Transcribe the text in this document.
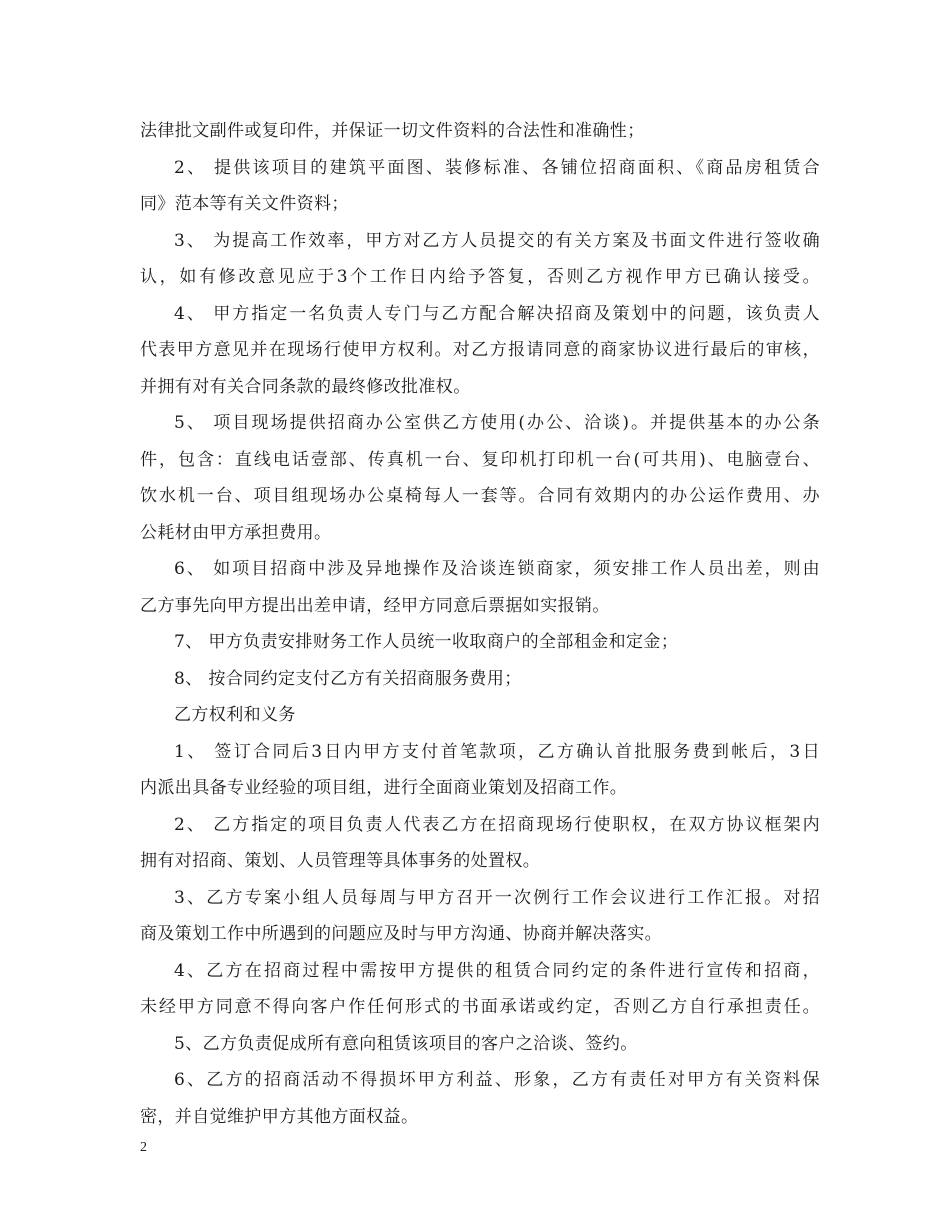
法律批文副件或复印件，并保证一切文件资料的合法性和准确性；
2、 提供该项目的建筑平面图、装修标准、各铺位招商面积、《商品房租赁合
同》范本等有关文件资料；
3、 为提高工作效率，甲方对乙方人员提交的有关方案及书面文件进行签收确
认，如有修改意见应于3个工作日内给予答复，否则乙方视作甲方已确认接受。
4、 甲方指定一名负责人专门与乙方配合解决招商及策划中的问题，该负责人
代表甲方意见并在现场行使甲方权利。对乙方报请同意的商家协议进行最后的审核，
并拥有对有关合同条款的最终修改批准权。
5、 项目现场提供招商办公室供乙方使用(办公、洽谈)。并提供基本的办公条
件，包含：直线电话壹部、传真机一台、复印机打印机一台(可共用)、电脑壹台、
饮水机一台、项目组现场办公桌椅每人一套等。合同有效期内的办公运作费用、办
公耗材由甲方承担费用。
6、 如项目招商中涉及异地操作及洽谈连锁商家，须安排工作人员出差，则由
乙方事先向甲方提出出差申请，经甲方同意后票据如实报销。
7、 甲方负责安排财务工作人员统一收取商户的全部租金和定金；
8、 按合同约定支付乙方有关招商服务费用；
乙方权利和义务
1、 签订合同后3日内甲方支付首笔款项，乙方确认首批服务费到帐后，3日
内派出具备专业经验的项目组，进行全面商业策划及招商工作。
2、 乙方指定的项目负责人代表乙方在招商现场行使职权，在双方协议框架内
拥有对招商、策划、人员管理等具体事务的处置权。
3、乙方专案小组人员每周与甲方召开一次例行工作会议进行工作汇报。对招
商及策划工作中所遇到的问题应及时与甲方沟通、协商并解决落实。
4、乙方在招商过程中需按甲方提供的租赁合同约定的条件进行宣传和招商，
未经甲方同意不得向客户作任何形式的书面承诺或约定，否则乙方自行承担责任。
5、乙方负责促成所有意向租赁该项目的客户之洽谈、签约。
6、乙方的招商活动不得损坏甲方利益、形象，乙方有责任对甲方有关资料保
密，并自觉维护甲方其他方面权益。
2
